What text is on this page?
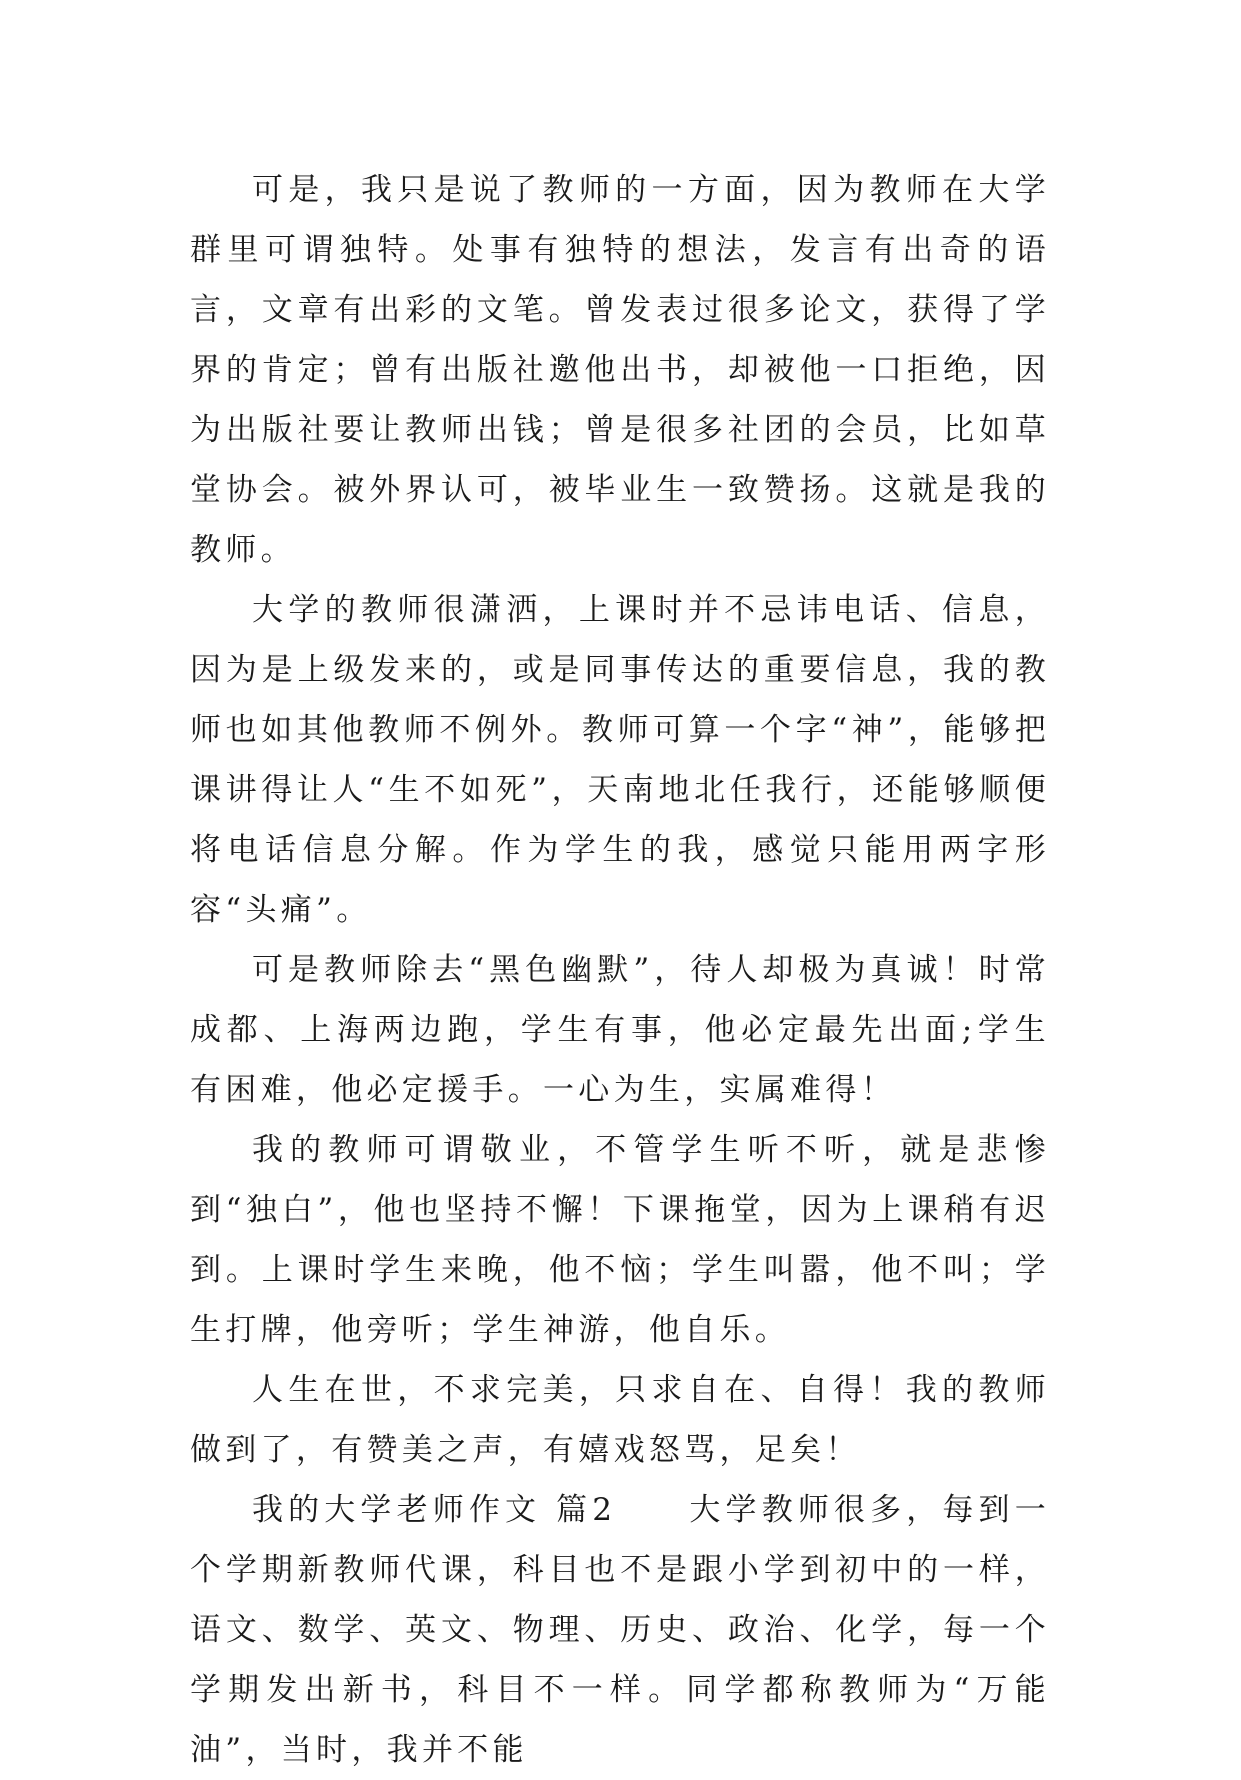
可是，我只是说了教师的一方面，因为教师在大学群里可谓独特。处事有独特的想法，发言有出奇的语言，文章有出彩的文笔。曾发表过很多论文，获得了学界的肯定；曾有出版社邀他出书，却被他一口拒绝，因为出版社要让教师出钱；曾是很多社团的会员，比如草堂协会。被外界认可，被毕业生一致赞扬。这就是我的教师。

大学的教师很潇洒，上课时并不忌讳电话、信息，因为是上级发来的，或是同事传达的重要信息，我的教师也如其他教师不例外。教师可算一个字“神”，能够把课讲得让人“生不如死”，天南地北任我行，还能够顺便将电话信息分解。作为学生的我，感觉只能用两字形容“头痛”。

可是教师除去“黑色幽默”，待人却极为真诚！时常成都、上海两边跑，学生有事，他必定最先出面;学生有困难，他必定援手。一心为生，实属难得！

我的教师可谓敬业，不管学生听不听，就是悲惨到“独白”，他也坚持不懈！下课拖堂，因为上课稍有迟到。上课时学生来晚，他不恼；学生叫嚣，他不叫；学生打牌，他旁听；学生神游，他自乐。

人生在世，不求完美，只求自在、自得！我的教师做到了，有赞美之声，有嬉戏怒骂，足矣！

我的大学老师作文 篇2　　大学教师很多，每到一个学期新教师代课，科目也不是跟小学到初中的一样，语文、数学、英文、物理、历史、政治、化学，每一个学期发出新书，科目不一样。同学都称教师为“万能油”，当时，我并不能
